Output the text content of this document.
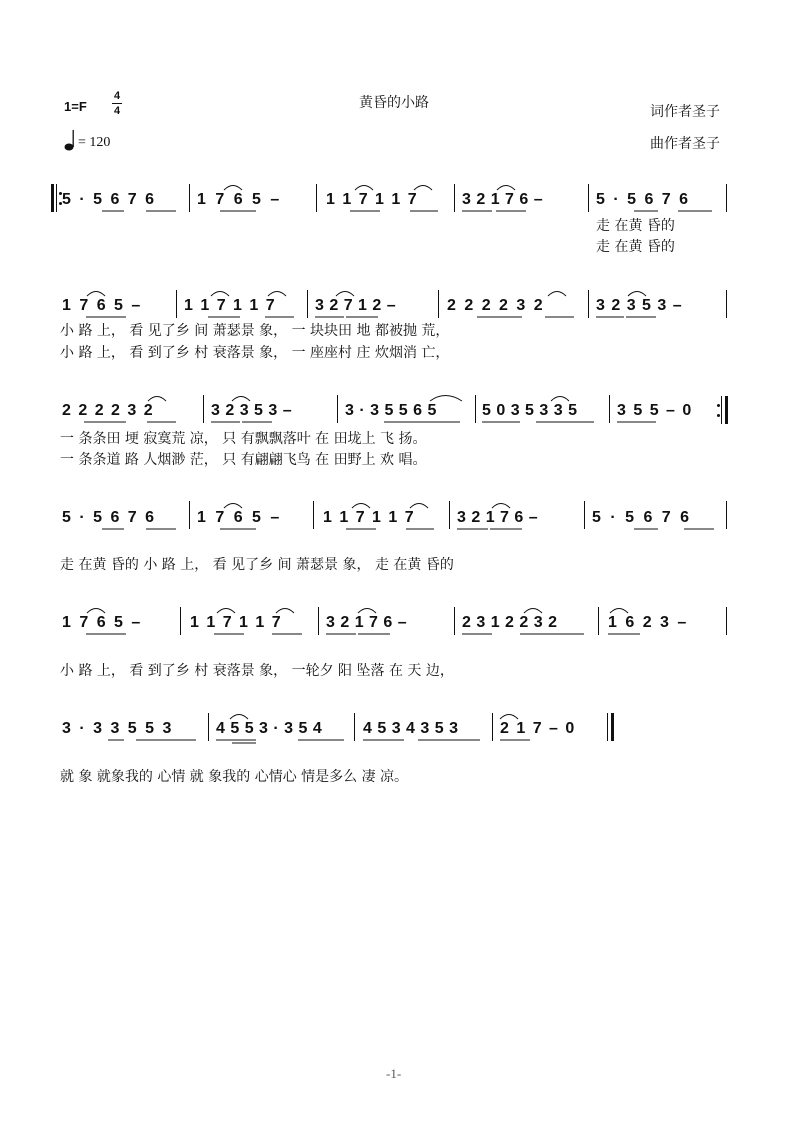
黄昏的小路
1=F
4
4
= 120
词作者圣子
曲作者圣子
5 · 5 6 7 6	1 7 6 5 –	1 1 7 1 1 7	3 2 1 7 6 –	5 · 5 6 7 6
走 在黄 昏的
走 在黄 昏的
1 7 6 5 –	1 1 7 1 1 7	3 2 7 1 2 –	2 2 2 2 3 2	3 2 3 5 3 –
小 路 上， 看 见了乡 间 萧瑟景 象， 一 块块田 地 都被抛 荒，
小 路 上， 看 到了乡 村 衰落景 象， 一 座座村 庄 炊烟消 亡，
2 2 2 2 3 2	3 2 3 5 3 –	3 · 3 5 5 6 5	5 0 3 5 3 3 5	3 5 5 – 0
一 条条田 埂 寂寞荒 凉， 只 有飘飘落叶 在 田垅上 飞 扬。
一 条条道 路 人烟渺 茫， 只 有翩翩飞鸟 在 田野上 欢 唱。
5 · 5 6 7 6	1 7 6 5 –	1 1 7 1 1 7	3 2 1 7 6 –	5 · 5 6 7 6
走 在黄 昏的 小 路 上， 看 见了乡 间 萧瑟景 象， 走 在黄 昏的
1 7 6 5 –	1 1 7 1 1 7	3 2 1 7 6 –	2 3 1 2 2 3 2	1 6 2 3 –
小 路 上， 看 到了乡 村 衰落景 象， 一轮夕 阳 坠落 在 天 边，
3 · 3 3 5 5 3	4 5 5 3 · 3 5 4	4 5 3 4 3 5 3	2 1 7 – 0
就 象 就象我的 心情 就 象我的 心情心 情是多么 凄 凉。
-1-
